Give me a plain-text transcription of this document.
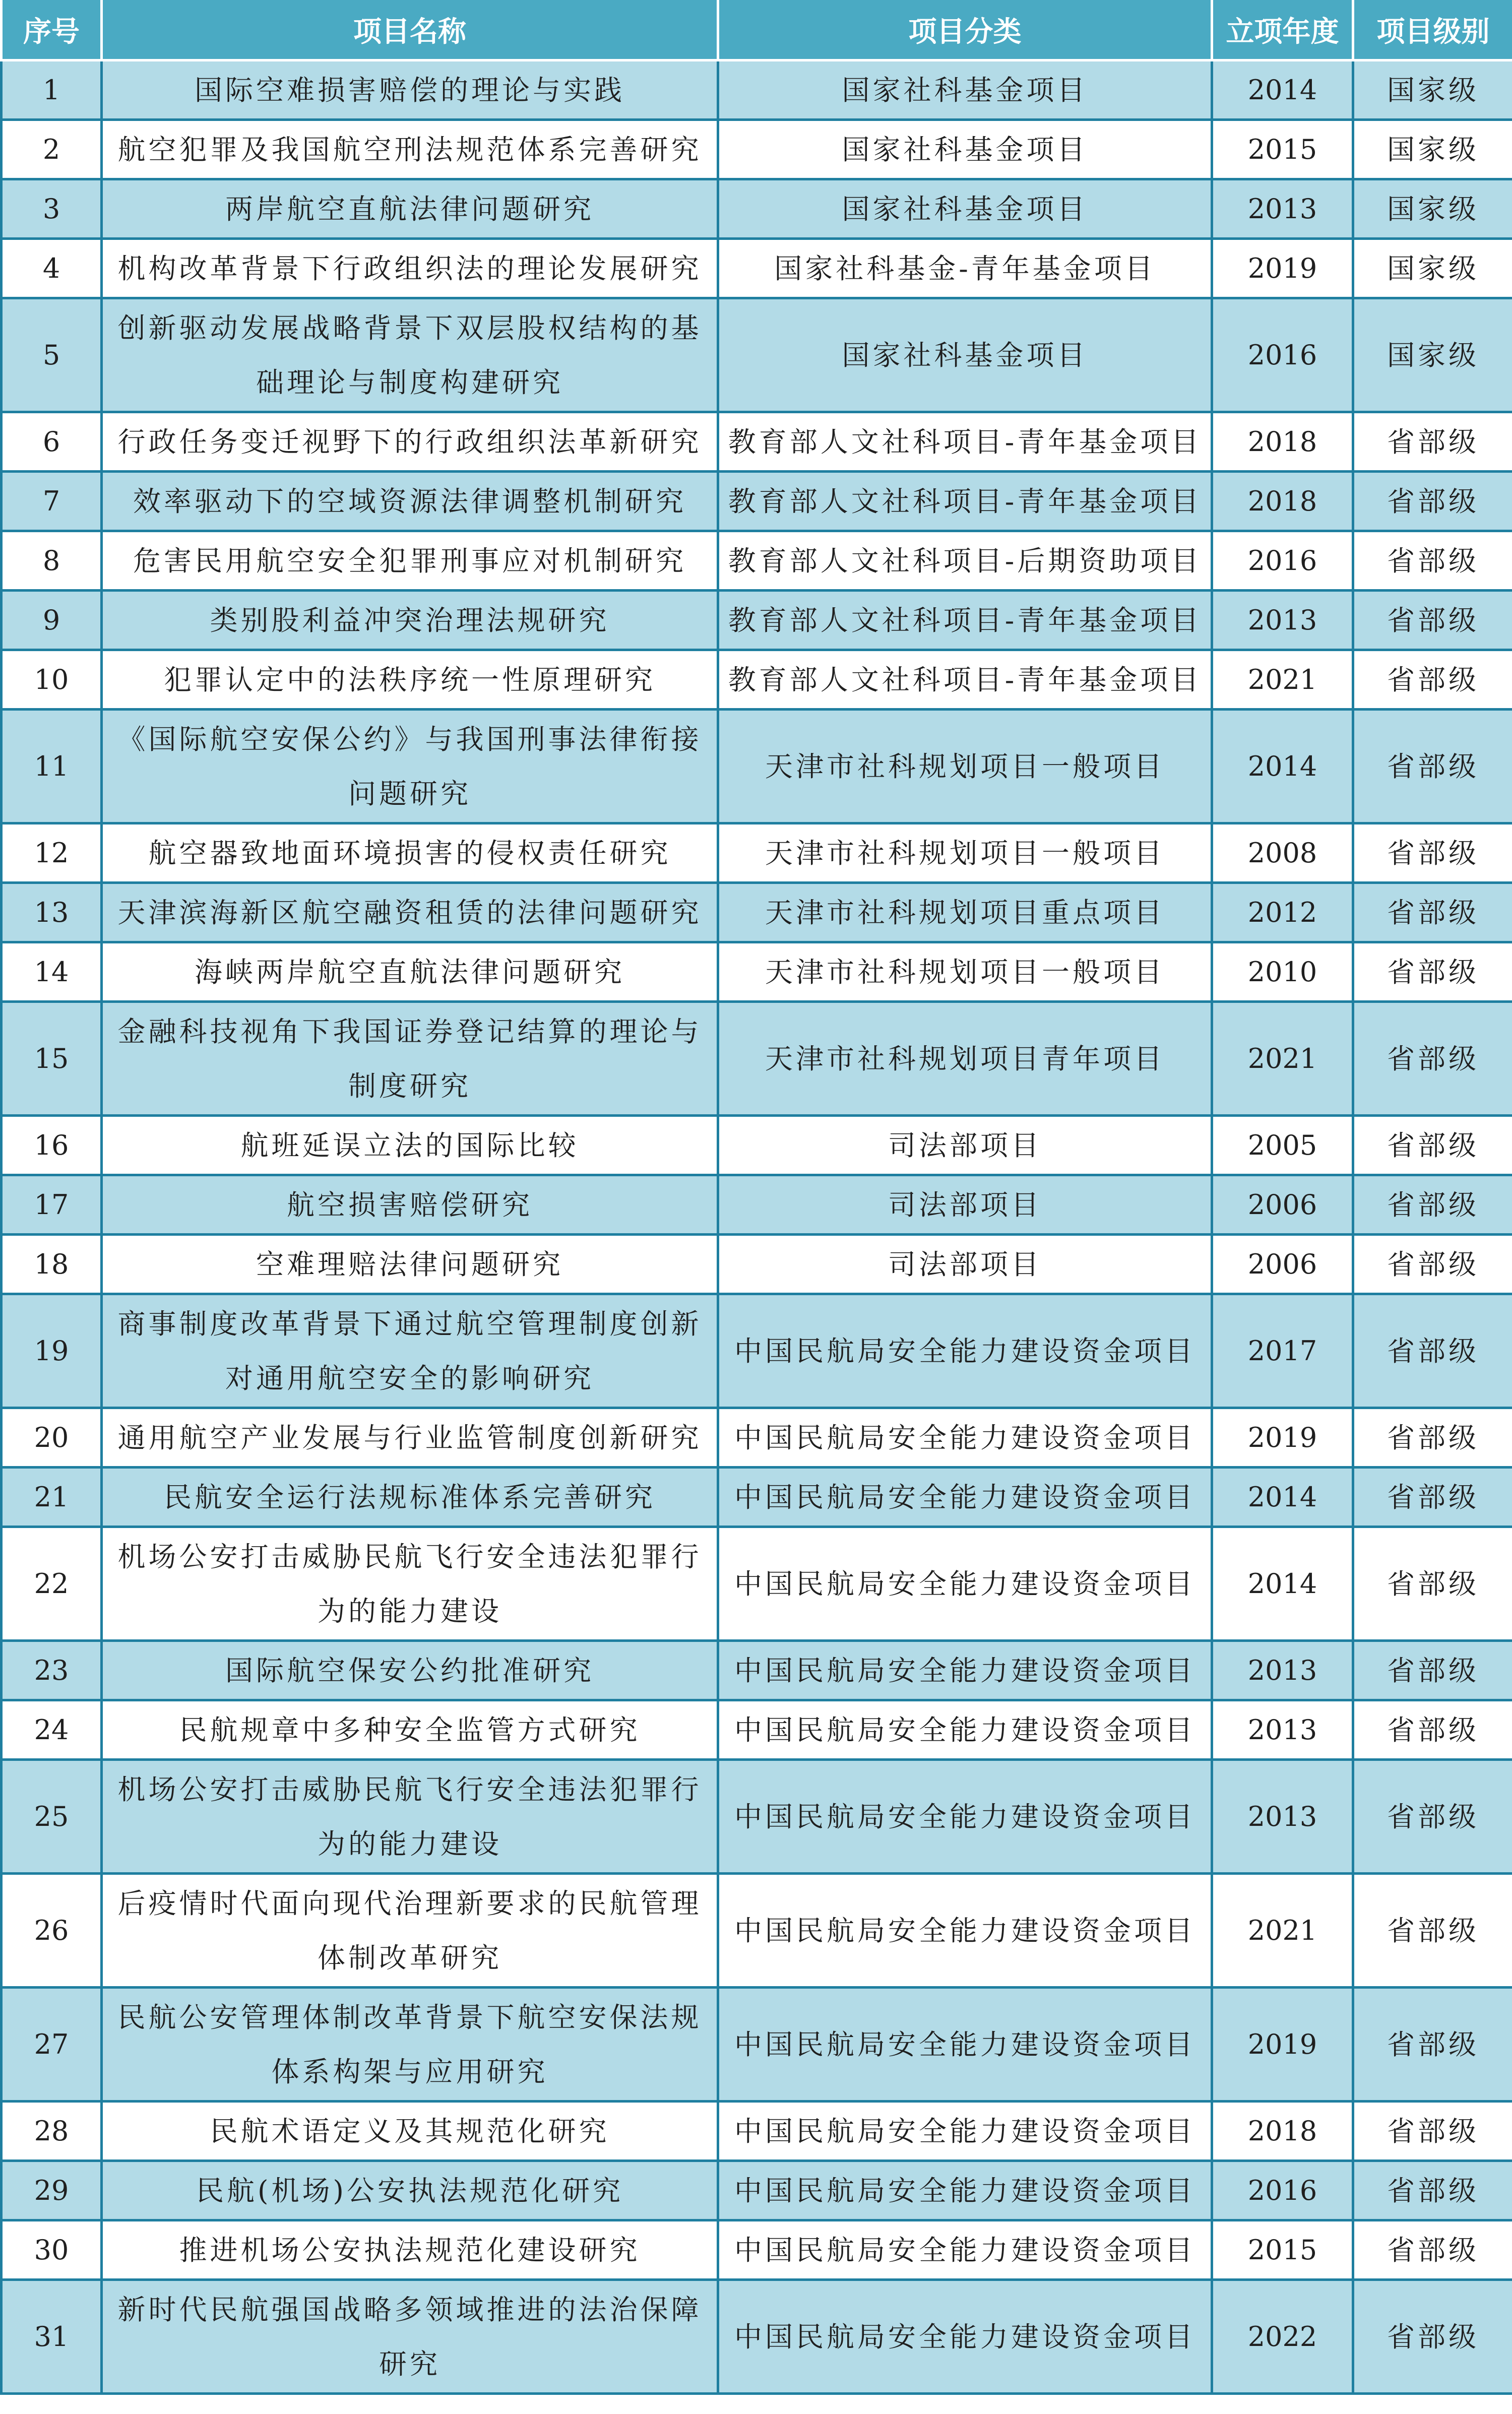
序号	项目名称	项目分类	立项年度	项目级别
1	国际空难损害赔偿的理论与实践	国家社科基金项目	2014	国家级
2	航空犯罪及我国航空刑法规范体系完善研究	国家社科基金项目	2015	国家级
3	两岸航空直航法律问题研究	国家社科基金项目	2013	国家级
4	机构改革背景下行政组织法的理论发展研究	国家社科基金-青年基金项目	2019	国家级
5	创新驱动发展战略背景下双层股权结构的基础理论与制度构建研究	国家社科基金项目	2016	国家级
6	行政任务变迁视野下的行政组织法革新研究	教育部人文社科项目-青年基金项目	2018	省部级
7	效率驱动下的空域资源法律调整机制研究	教育部人文社科项目-青年基金项目	2018	省部级
8	危害民用航空安全犯罪刑事应对机制研究	教育部人文社科项目-后期资助项目	2016	省部级
9	类别股利益冲突治理法规研究	教育部人文社科项目-青年基金项目	2013	省部级
10	犯罪认定中的法秩序统一性原理研究	教育部人文社科项目-青年基金项目	2021	省部级
11	《国际航空安保公约》与我国刑事法律衔接问题研究	天津市社科规划项目一般项目	2014	省部级
12	航空器致地面环境损害的侵权责任研究	天津市社科规划项目一般项目	2008	省部级
13	天津滨海新区航空融资租赁的法律问题研究	天津市社科规划项目重点项目	2012	省部级
14	海峡两岸航空直航法律问题研究	天津市社科规划项目一般项目	2010	省部级
15	金融科技视角下我国证券登记结算的理论与制度研究	天津市社科规划项目青年项目	2021	省部级
16	航班延误立法的国际比较	司法部项目	2005	省部级
17	航空损害赔偿研究	司法部项目	2006	省部级
18	空难理赔法律问题研究	司法部项目	2006	省部级
19	商事制度改革背景下通过航空管理制度创新对通用航空安全的影响研究	中国民航局安全能力建设资金项目	2017	省部级
20	通用航空产业发展与行业监管制度创新研究	中国民航局安全能力建设资金项目	2019	省部级
21	民航安全运行法规标准体系完善研究	中国民航局安全能力建设资金项目	2014	省部级
22	机场公安打击威胁民航飞行安全违法犯罪行为的能力建设	中国民航局安全能力建设资金项目	2014	省部级
23	国际航空保安公约批准研究	中国民航局安全能力建设资金项目	2013	省部级
24	民航规章中多种安全监管方式研究	中国民航局安全能力建设资金项目	2013	省部级
25	机场公安打击威胁民航飞行安全违法犯罪行为的能力建设	中国民航局安全能力建设资金项目	2013	省部级
26	后疫情时代面向现代治理新要求的民航管理体制改革研究	中国民航局安全能力建设资金项目	2021	省部级
27	民航公安管理体制改革背景下航空安保法规体系构架与应用研究	中国民航局安全能力建设资金项目	2019	省部级
28	民航术语定义及其规范化研究	中国民航局安全能力建设资金项目	2018	省部级
29	民航(机场)公安执法规范化研究	中国民航局安全能力建设资金项目	2016	省部级
30	推进机场公安执法规范化建设研究	中国民航局安全能力建设资金项目	2015	省部级
31	新时代民航强国战略多领域推进的法治保障研究	中国民航局安全能力建设资金项目	2022	省部级
